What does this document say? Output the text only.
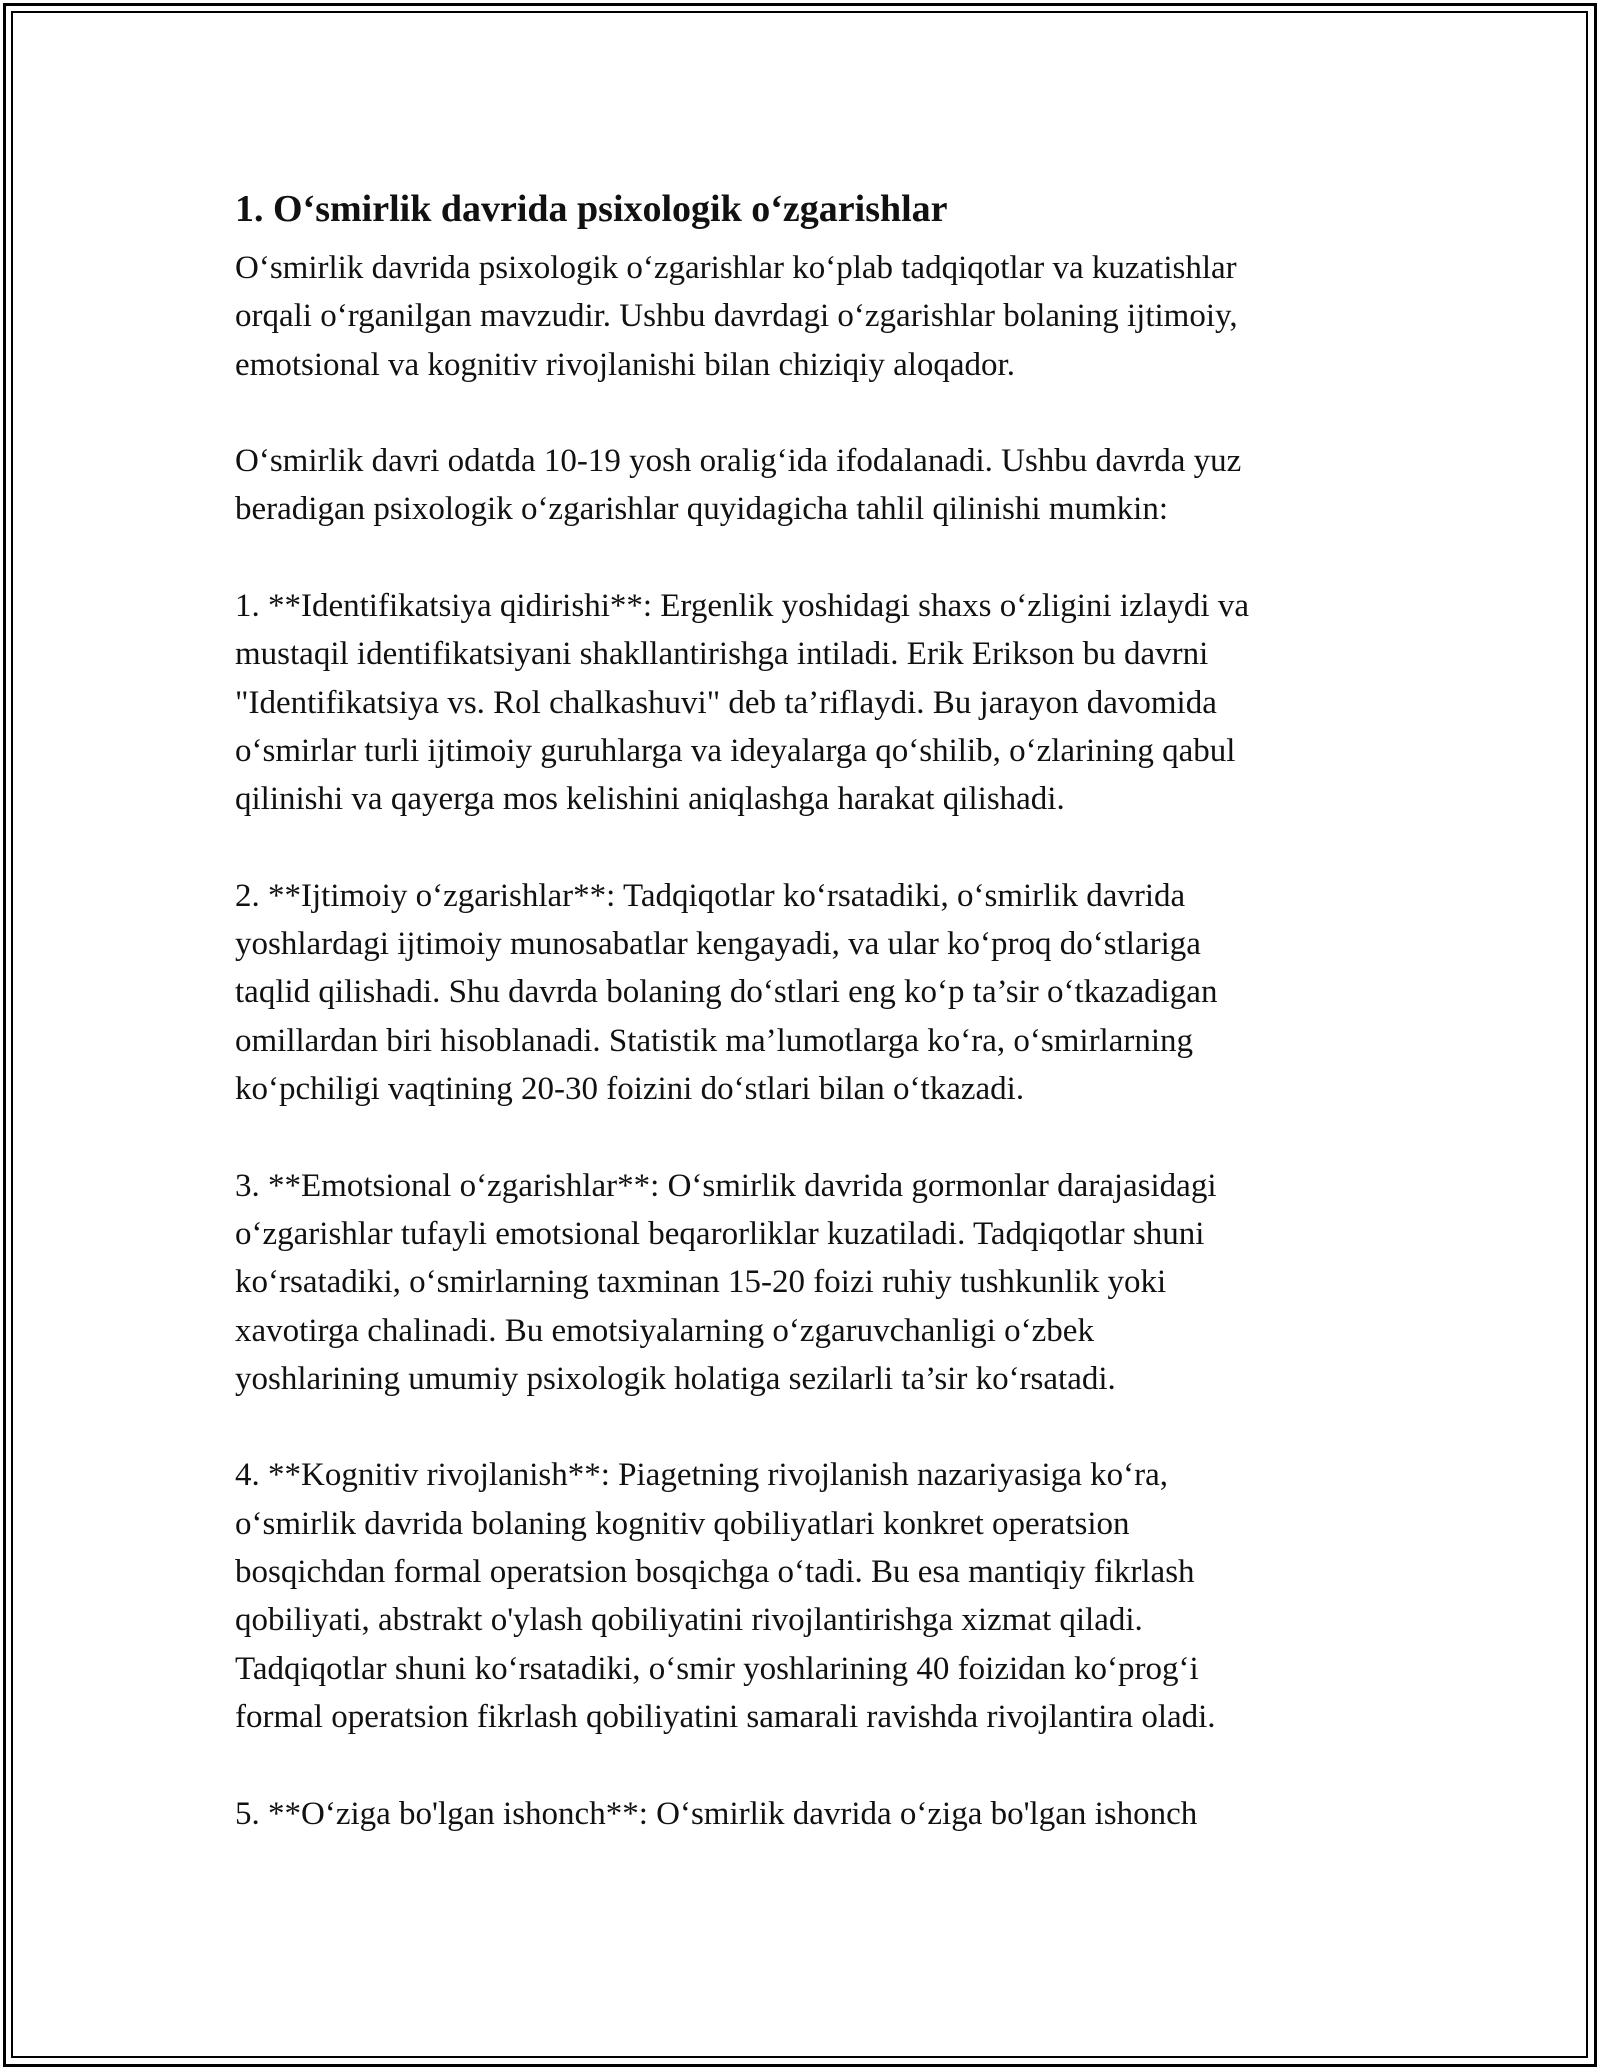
1. O‘smirlik davrida psixologik o‘zgarishlar

O‘smirlik davrida psixologik o‘zgarishlar ko‘plab tadqiqotlar va kuzatishlar
orqali o‘rganilgan mavzudir. Ushbu davrdagi o‘zgarishlar bolaning ijtimoiy,
emotsional va kognitiv rivojlanishi bilan chiziqiy aloqador.

O‘smirlik davri odatda 10-19 yosh oralig‘ida ifodalanadi. Ushbu davrda yuz
beradigan psixologik o‘zgarishlar quyidagicha tahlil qilinishi mumkin:

1. **Identifikatsiya qidirishi**: Ergenlik yoshidagi shaxs o‘zligini izlaydi va
mustaqil identifikatsiyani shakllantirishga intiladi. Erik Erikson bu davrni
"Identifikatsiya vs. Rol chalkashuvi" deb ta’riflaydi. Bu jarayon davomida
o‘smirlar turli ijtimoiy guruhlarga va ideyalarga qo‘shilib, o‘zlarining qabul
qilinishi va qayerga mos kelishini aniqlashga harakat qilishadi.

2. **Ijtimoiy o‘zgarishlar**: Tadqiqotlar ko‘rsatadiki, o‘smirlik davrida
yoshlardagi ijtimoiy munosabatlar kengayadi, va ular ko‘proq do‘stlariga
taqlid qilishadi. Shu davrda bolaning do‘stlari eng ko‘p ta’sir o‘tkazadigan
omillardan biri hisoblanadi. Statistik ma’lumotlarga ko‘ra, o‘smirlarning
ko‘pchiligi vaqtining 20-30 foizini do‘stlari bilan o‘tkazadi.

3. **Emotsional o‘zgarishlar**: O‘smirlik davrida gormonlar darajasidagi
o‘zgarishlar tufayli emotsional beqarorliklar kuzatiladi. Tadqiqotlar shuni
ko‘rsatadiki, o‘smirlarning taxminan 15-20 foizi ruhiy tushkunlik yoki
xavotirga chalinadi. Bu emotsiyalarning o‘zgaruvchanligi o‘zbek
yoshlarining umumiy psixologik holatiga sezilarli ta’sir ko‘rsatadi.

4. **Kognitiv rivojlanish**: Piagetning rivojlanish nazariyasiga ko‘ra,
o‘smirlik davrida bolaning kognitiv qobiliyatlari konkret operatsion
bosqichdan formal operatsion bosqichga o‘tadi. Bu esa mantiqiy fikrlash
qobiliyati, abstrakt o'ylash qobiliyatini rivojlantirishga xizmat qiladi.
Tadqiqotlar shuni ko‘rsatadiki, o‘smir yoshlarining 40 foizidan ko‘prog‘i
formal operatsion fikrlash qobiliyatini samarali ravishda rivojlantira oladi.

5. **O‘ziga bo'lgan ishonch**: O‘smirlik davrida o‘ziga bo'lgan ishonch
